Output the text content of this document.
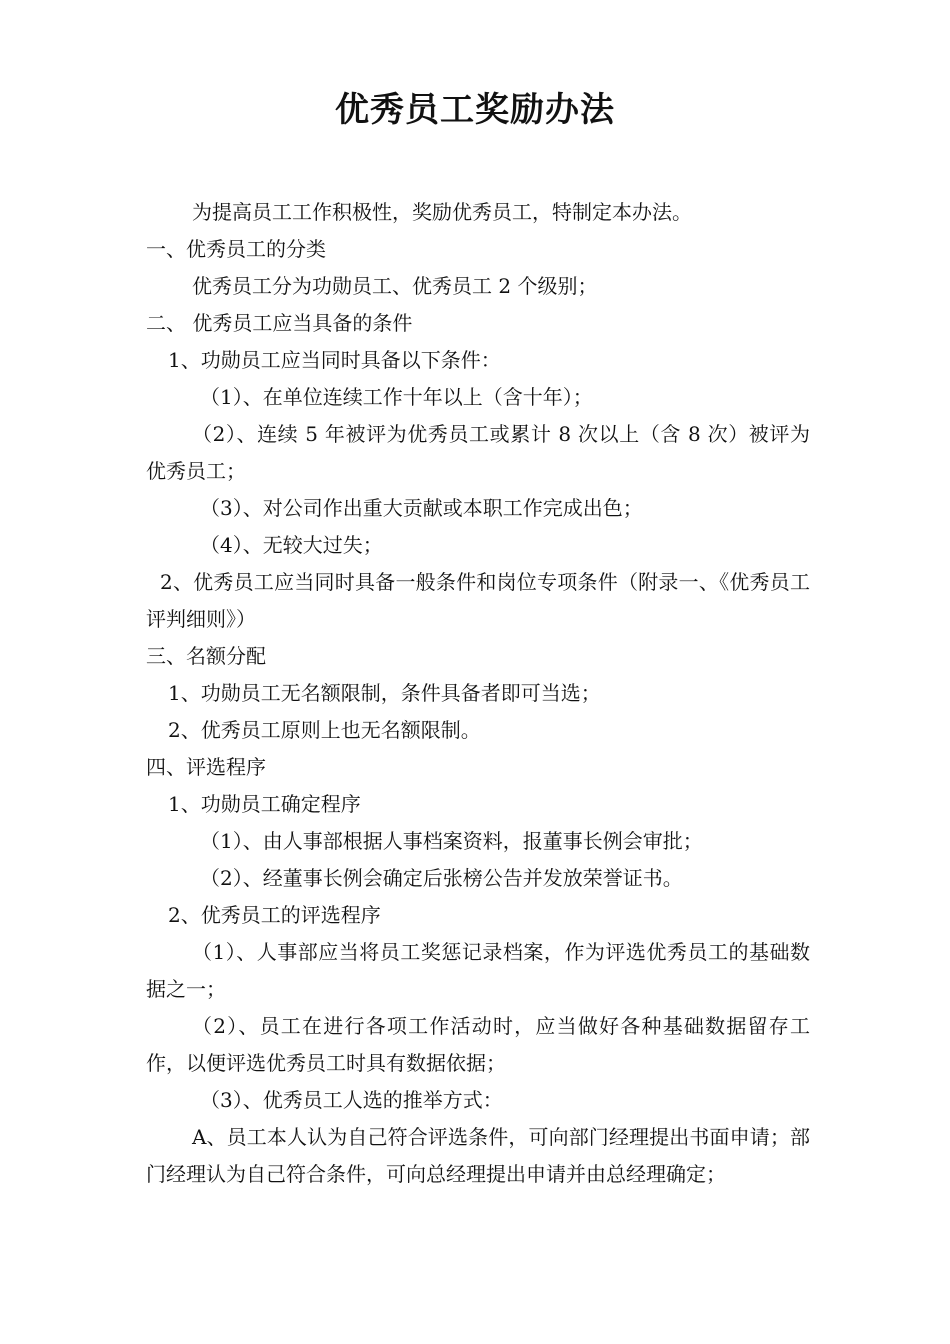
优秀员工奖励办法

为提高员工工作积极性，奖励优秀员工，特制定本办法。

一、优秀员工的分类

优秀员工分为功勋员工、优秀员工 2 个级别；

二、 优秀员工应当具备的条件

1、功勋员工应当同时具备以下条件：

（1）、在单位连续工作十年以上（含十年）；

（2）、连续 5 年被评为优秀员工或累计 8 次以上（含 8 次）被评为优秀员工；

（3）、对公司作出重大贡献或本职工作完成出色；

（4）、无较大过失；

2、优秀员工应当同时具备一般条件和岗位专项条件（附录一、《优秀员工评判细则》）

三、名额分配

1、功勋员工无名额限制，条件具备者即可当选；

2、优秀员工原则上也无名额限制。

四、评选程序

1、功勋员工确定程序

（1）、由人事部根据人事档案资料，报董事长例会审批；

（2）、经董事长例会确定后张榜公告并发放荣誉证书。

2、优秀员工的评选程序

（1）、人事部应当将员工奖惩记录档案，作为评选优秀员工的基础数据之一；

（2）、员工在进行各项工作活动时，应当做好各种基础数据留存工作，以便评选优秀员工时具有数据依据；

（3）、优秀员工人选的推举方式：

A、员工本人认为自己符合评选条件，可向部门经理提出书面申请；部门经理认为自己符合条件，可向总经理提出申请并由总经理确定；
